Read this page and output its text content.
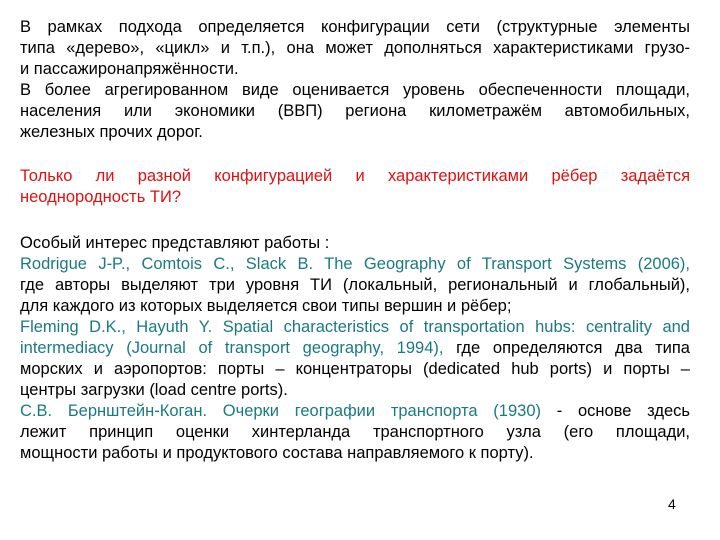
В рамках подхода определяется конфигурации сети (структурные элементы
типа «дерево», «цикл» и т.п.), она может дополняться характеристиками грузо-
и пассажиронапряжённости.
В более агрегированном виде оценивается уровень обеспеченности площади,
населения или экономики (ВВП) региона километражём автомобильных,
железных прочих дорог.
Только ли разной конфигурацией и характеристиками рёбер задаётся
неоднородность ТИ?
Особый интерес представляют работы :
Rodrigue J-P., Comtois C., Slack B. The Geography of Transport Systems (2006),
где авторы выделяют три уровня ТИ (локальный, региональный и глобальный),
для каждого из которых выделяется свои типы вершин и рёбер;
Fleming D.K., Hayuth Y. Spatial characteristics of transportation hubs: centrality and
intermediacy (Journal of transport geography, 1994), где определяются два типа
морских и аэропортов: порты – концентраторы (dedicated hub ports) и порты –
центры загрузки (load centre ports).
С.В. Бернштейн-Коган. Очерки географии транспорта (1930) - основе здесь
лежит принцип оценки хинтерланда транспортного узла (его площади,
мощности работы и продуктового состава направляемого к порту).
4
